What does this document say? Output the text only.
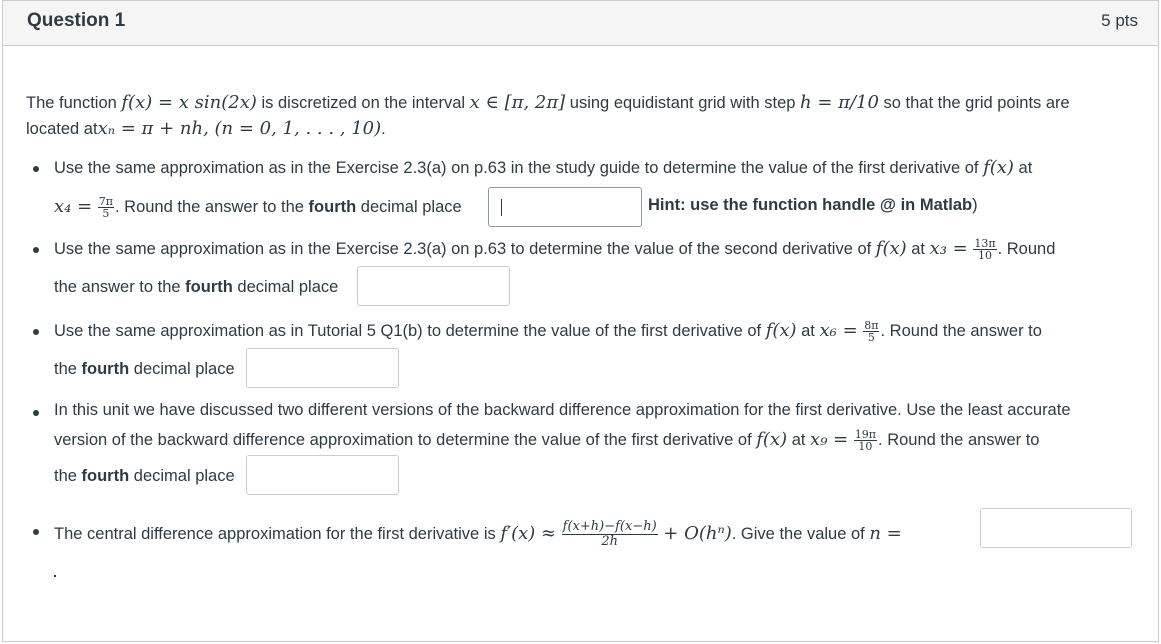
Question 1	5 pts
The function f(x) = x sin(2x) is discretized on the interval x ∈ [π, 2π] using equidistant grid with step h = π/10 so that the grid points are
located atxₙ = π + nh, (n = 0, 1, . . . , 10).
Use the same approximation as in the Exercise 2.3(a) on p.63 in the study guide to determine the value of the first derivative of f(x) at
$x_4 = \frac{7\pi}{5}$ . Round the answer to the fourth decimal place	Hint: use the function handle @ in Matlab)
Use the same approximation as in the Exercise 2.3(a) on p.63 to determine the value of the second derivative of f(x) at $x_3 = \frac{13\pi}{10}$ . Round
the answer to the fourth decimal place
Use the same approximation as in Tutorial 5 Q1(b) to determine the value of the first derivative of f(x) at $x_6 = \frac{8\pi}{5}$ . Round the answer to
the fourth decimal place
In this unit we have discussed two different versions of the backward difference approximation for the first derivative. Use the least accurate
version of the backward difference approximation to determine the value of the first derivative of f(x) at $x_9 = \frac{19\pi}{10}$ . Round the answer to
the fourth decimal place
The central difference approximation for the first derivative is $f'(x) \approx \frac{f(x+h)-f(x-h)}{2h} + O(h^n)$. Give the value of n =
